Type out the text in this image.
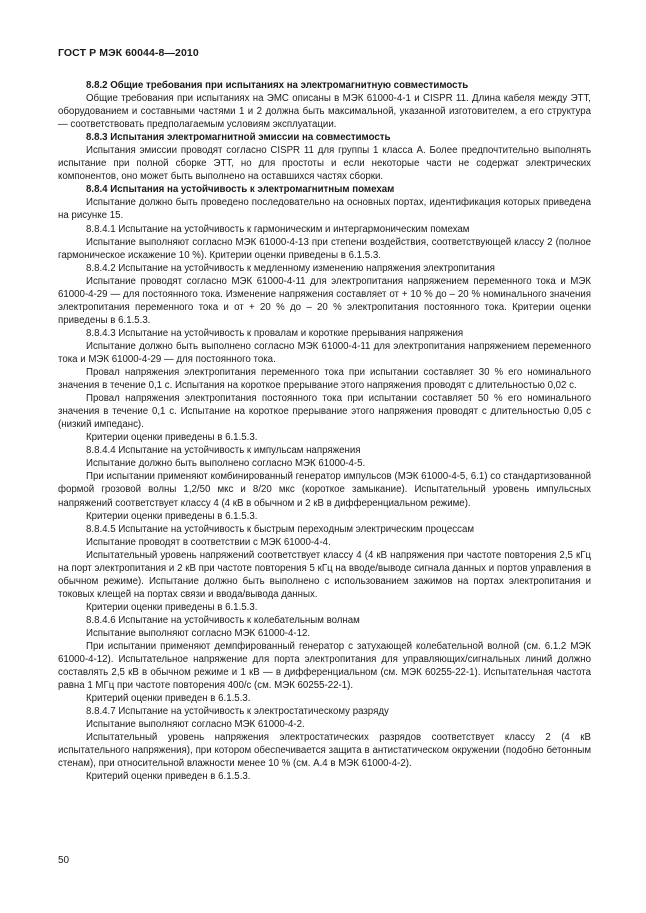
ГОСТ Р МЭК 60044-8—2010

8.8.2 Общие требования при испытаниях на электромагнитную совместимость

Общие требования при испытаниях на ЭМС описаны в МЭК 61000-4-1 и CISPR 11. Длина кабеля между ЭТТ, оборудованием и составными частями 1 и 2 должна быть максимальной, указанной изготовителем, а его структура — соответствовать предполагаемым условиям эксплуатации.

8.8.3 Испытания электромагнитной эмиссии на совместимость

Испытания эмиссии проводят согласно CISPR 11 для группы 1 класса А. Более предпочтительно выполнять испытание при полной сборке ЭТТ, но для простоты и если некоторые части не содержат электрических компонентов, оно может быть выполнено на оставшихся частях сборки.

8.8.4 Испытания на устойчивость к электромагнитным помехам

Испытание должно быть проведено последовательно на основных портах, идентификация которых приведена на рисунке 15.

8.8.4.1 Испытание на устойчивость к гармоническим и интергармоническим помехам

Испытание выполняют согласно МЭК 61000-4-13 при степени воздействия, соответствующей классу 2 (полное гармоническое искажение 10 %). Критерии оценки приведены в 6.1.5.3.

8.8.4.2 Испытание на устойчивость к медленному изменению напряжения электропитания

Испытание проводят согласно МЭК 61000-4-11 для электропитания напряжением переменного тока и МЭК 61000-4-29 — для постоянного тока. Изменение напряжения составляет от + 10 % до – 20 % номинального значения электропитания переменного тока и от + 20 % до – 20 % электропитания постоянного тока. Критерии оценки приведены в 6.1.5.3.

8.8.4.3 Испытание на устойчивость к провалам и короткие прерывания напряжения

Испытание должно быть выполнено согласно МЭК 61000-4-11 для электропитания напряжением переменного тока и МЭК 61000-4-29 — для постоянного тока.

Провал напряжения электропитания переменного тока при испытании составляет 30 % его номинального значения в течение 0,1 с. Испытания на короткое прерывание этого напряжения проводят с длительностью 0,02 с.

Провал напряжения электропитания постоянного тока при испытании составляет 50 % его номинального значения в течение 0,1 с. Испытание на короткое прерывание этого напряжения проводят с длительностью 0,05 с (низкий импеданс).

Критерии оценки приведены в 6.1.5.3.

8.8.4.4 Испытание на устойчивость к импульсам напряжения

Испытание должно быть выполнено согласно МЭК 61000-4-5.

При испытании применяют комбинированный генератор импульсов (МЭК 61000-4-5, 6.1) со стандартизованной формой грозовой волны 1,2/50 мкс и 8/20 мкс (короткое замыкание). Испытательный уровень импульсных напряжений соответствует классу 4 (4 кВ в обычном и 2 кВ в дифференциальном режиме).

Критерии оценки приведены в 6.1.5.3.

8.8.4.5 Испытание на устойчивость к быстрым переходным электрическим процессам

Испытание проводят в соответствии с МЭК 61000-4-4.

Испытательный уровень напряжений соответствует классу 4 (4 кВ напряжения при частоте повторения 2,5 кГц на порт электропитания и 2 кВ при частоте повторения 5 кГц на вводе/выводе сигнала данных и портов управления в обычном режиме). Испытание должно быть выполнено с использованием зажимов на портах электропитания и токовых клещей на портах связи и ввода/вывода данных.

Критерии оценки приведены в 6.1.5.3.

8.8.4.6 Испытание на устойчивость к колебательным волнам

Испытание выполняют согласно МЭК 61000-4-12.

При испытании применяют демпфированный генератор с затухающей колебательной волной (см. 6.1.2 МЭК 61000-4-12). Испытательное напряжение для порта электропитания для управляющих/сигнальных линий должно составлять 2,5 кВ в обычном режиме и 1 кВ — в дифференциальном (см. МЭК 60255-22-1). Испытательная частота равна 1 МГц при частоте повторения 400/с (см. МЭК 60255-22-1).

Критерий оценки приведен в 6.1.5.3.

8.8.4.7 Испытание на устойчивость к электростатическому разряду

Испытание выполняют согласно МЭК 61000-4-2.

Испытательный уровень напряжения электростатических разрядов соответствует классу 2 (4 кВ испытательного напряжения), при котором обеспечивается защита в антистатическом окружении (подобно бетонным стенам), при относительной влажности менее 10 % (см. А.4 в МЭК 61000-4-2).

Критерий оценки приведен в 6.1.5.3.

50
